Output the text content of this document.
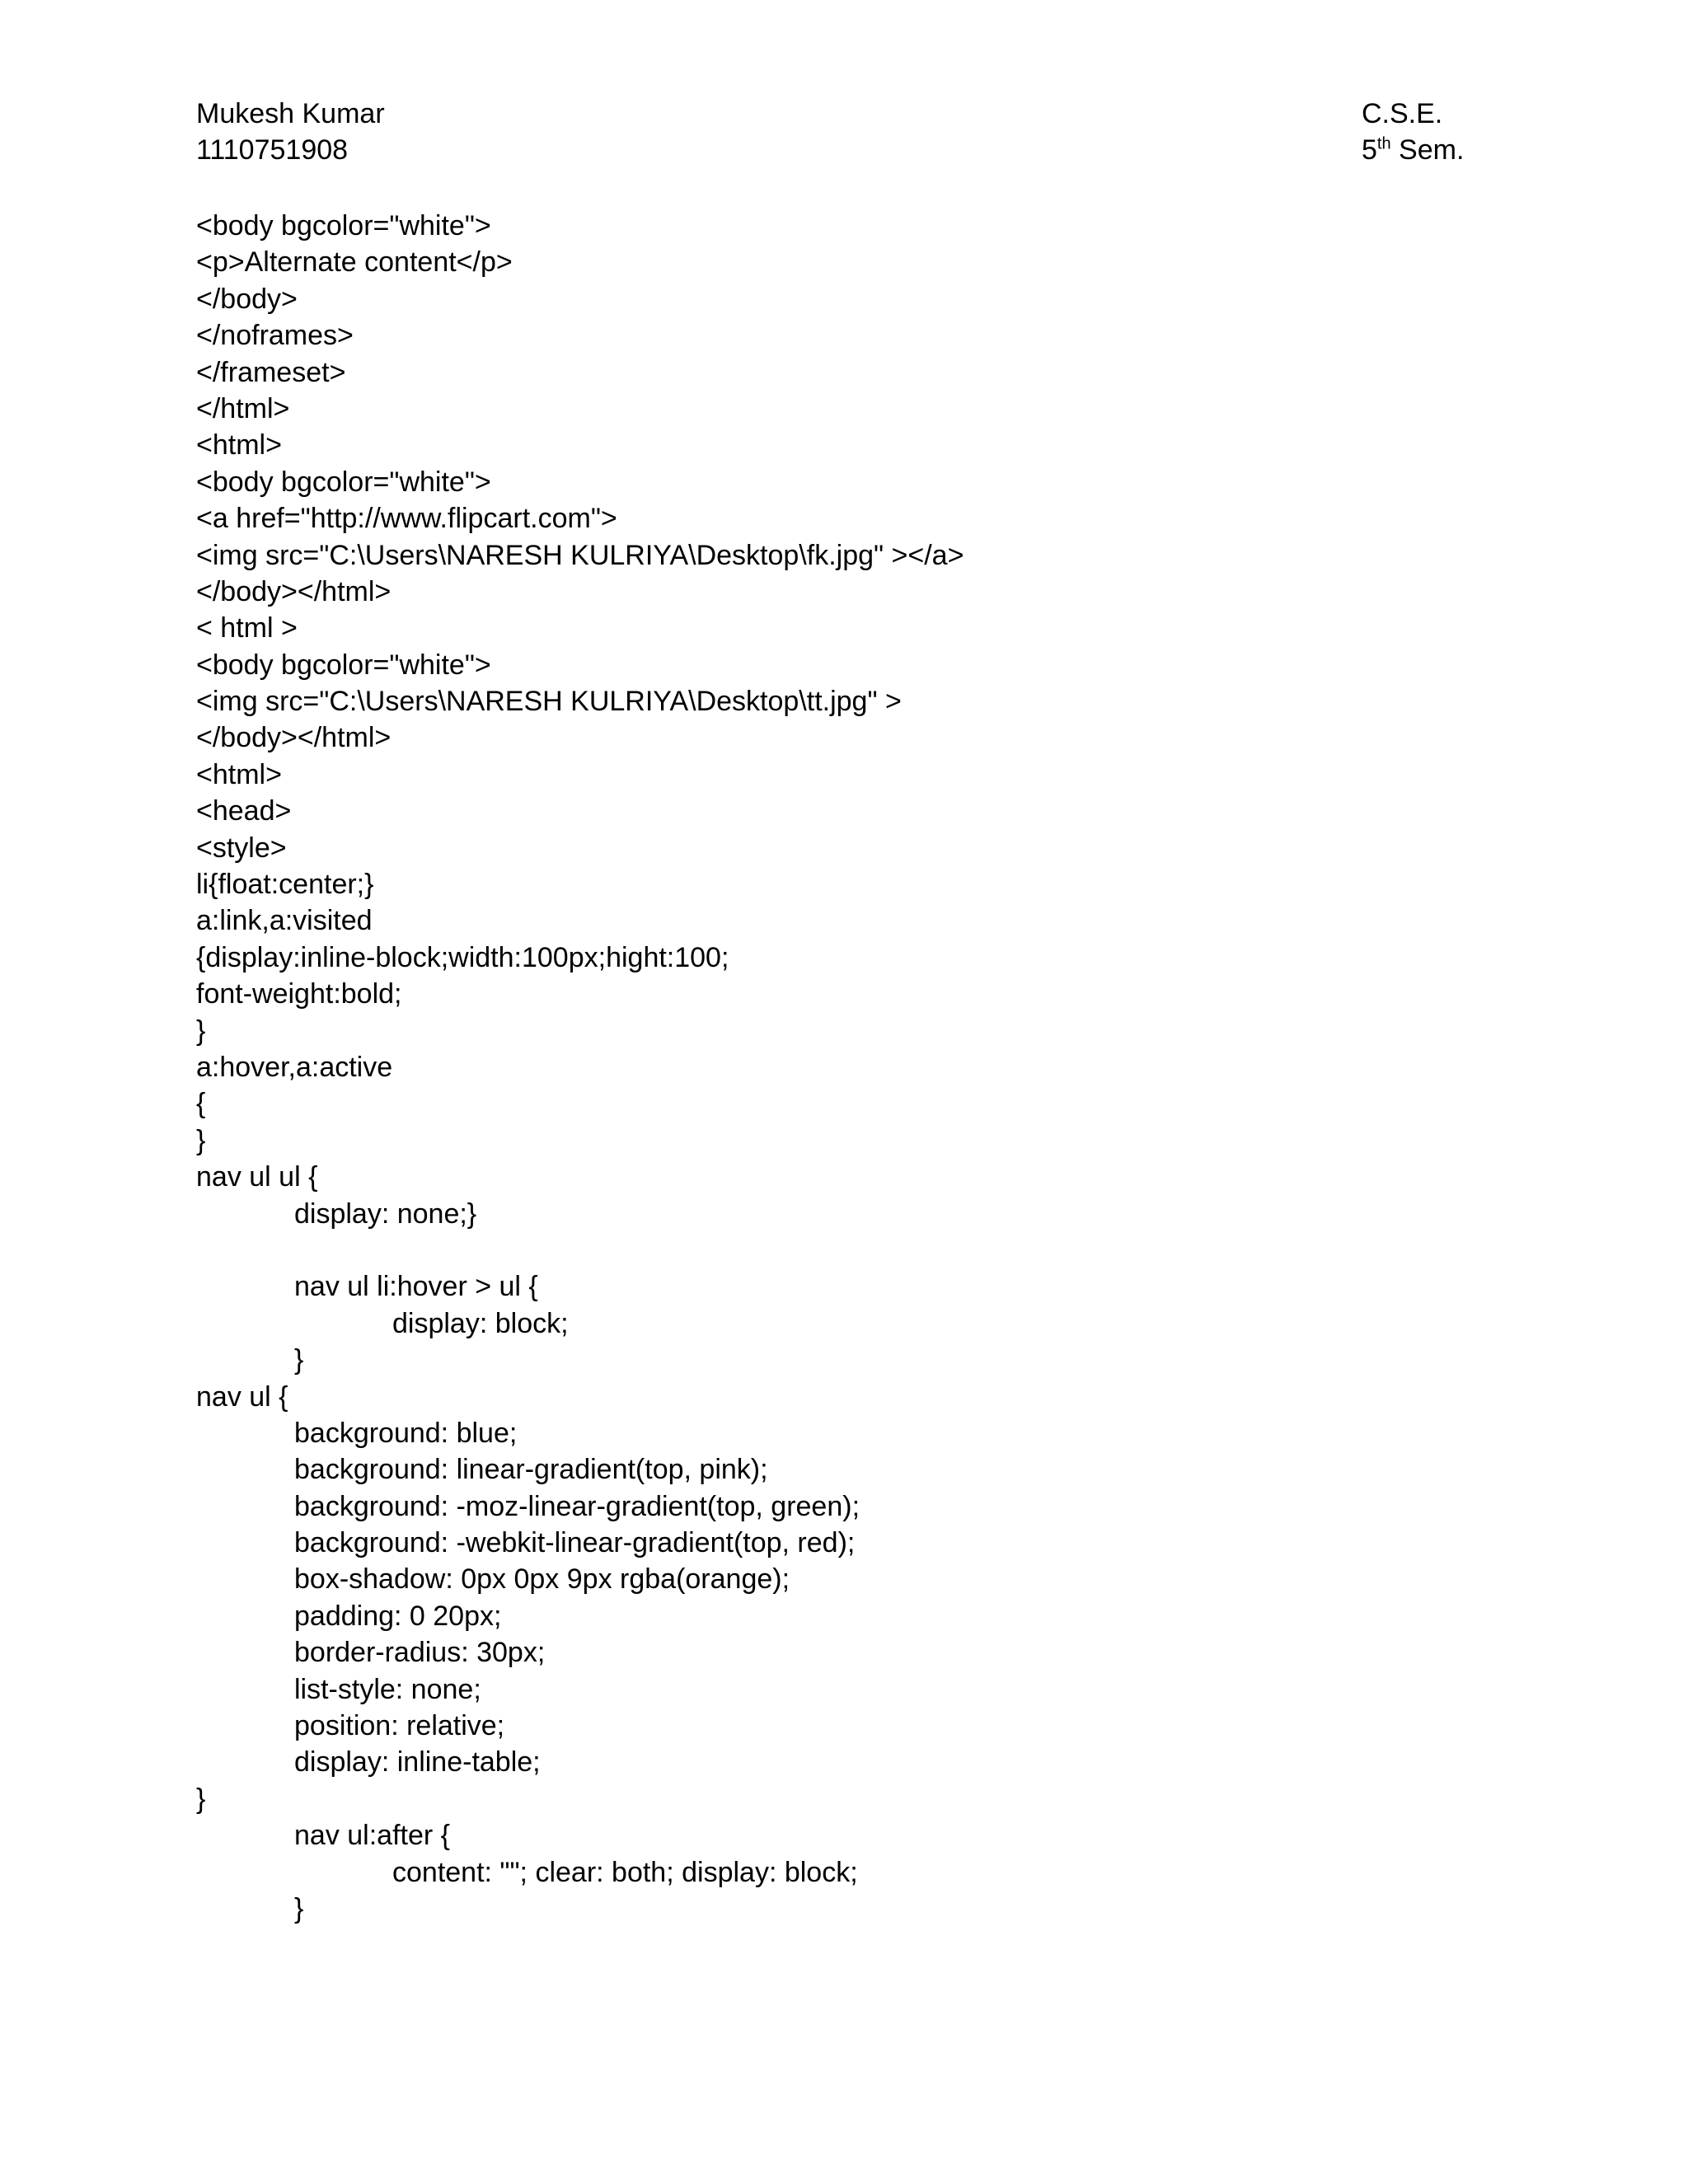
Mukesh Kumar
1110751908
C.S.E.
5th Sem.
<body bgcolor="white">
<p>Alternate content</p>
</body>
</noframes>
</frameset>
</html>
<html>
<body bgcolor="white">
<a href="http://www.flipcart.com">
<img src="C:\Users\NARESH KULRIYA\Desktop\fk.jpg" ></a>
</body></html>
< html >
<body bgcolor="white">
<img src="C:\Users\NARESH KULRIYA\Desktop\tt.jpg" >
</body></html>
<html>
<head>
<style>
li{float:center;}
a:link,a:visited
{display:inline-block;width:100px;hight:100;
font-weight:bold;
}
a:hover,a:active
{
}
nav ul ul {
display: none;}
nav ul li:hover > ul {
display: block;
}
nav ul {
background: blue;
background: linear-gradient(top, pink);
background: -moz-linear-gradient(top, green);
background: -webkit-linear-gradient(top, red);
box-shadow: 0px 0px 9px rgba(orange);
padding: 0 20px;
border-radius: 30px;
list-style: none;
position: relative;
display: inline-table;
}
nav ul:after {
content: ""; clear: both; display: block;
}
